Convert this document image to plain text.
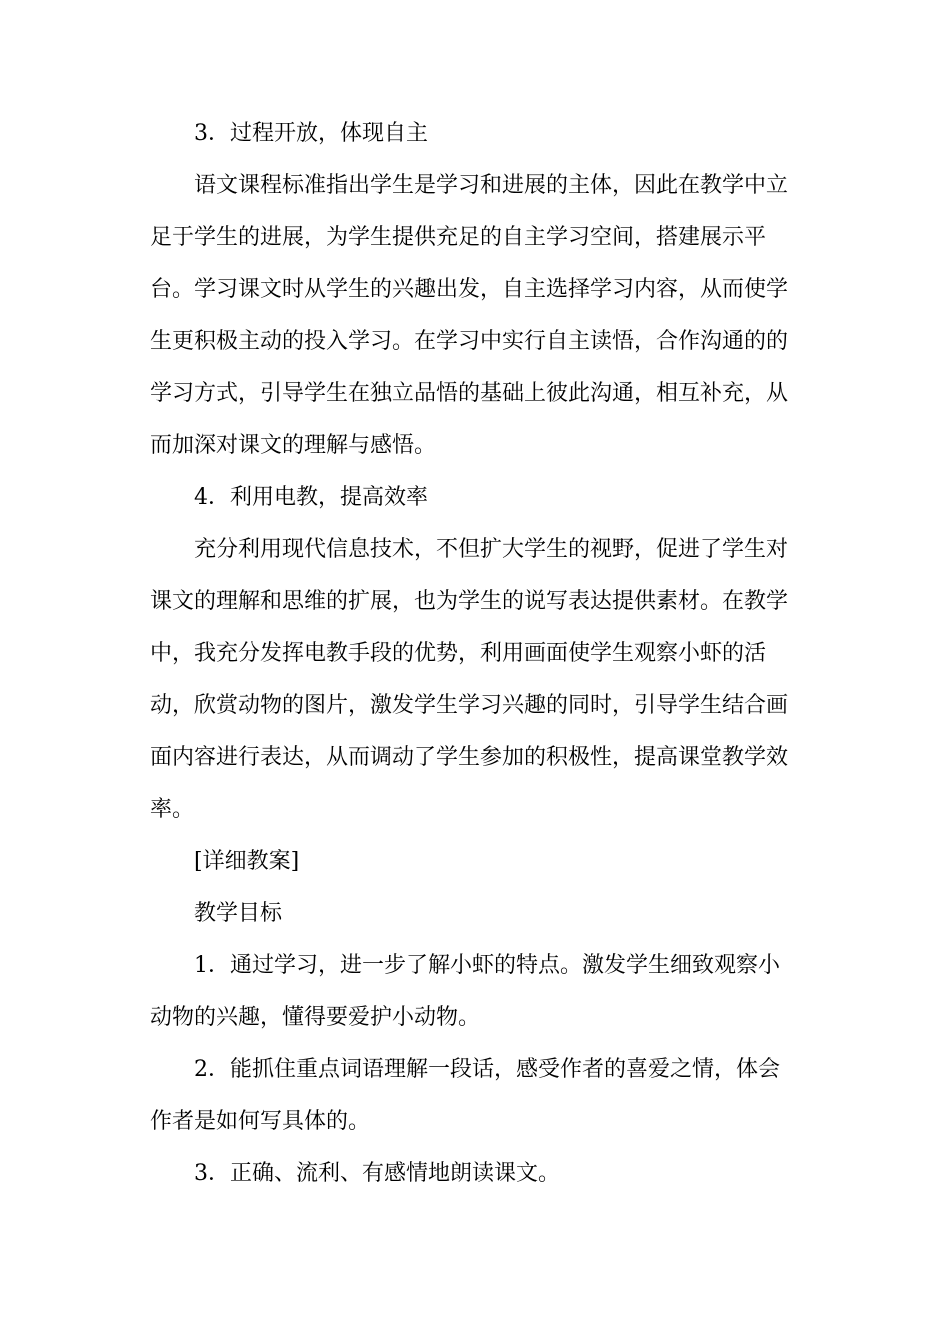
3．过程开放，体现自主
语文课程标准指出学生是学习和进展的主体，因此在教学中立
足于学生的进展，为学生提供充足的自主学习空间，搭建展示平
台。学习课文时从学生的兴趣出发，自主选择学习内容，从而使学
生更积极主动的投入学习。在学习中实行自主读悟，合作沟通的的
学习方式，引导学生在独立品悟的基础上彼此沟通，相互补充，从
而加深对课文的理解与感悟。
4．利用电教，提高效率
充分利用现代信息技术，不但扩大学生的视野，促进了学生对
课文的理解和思维的扩展，也为学生的说写表达提供素材。在教学
中，我充分发挥电教手段的优势，利用画面使学生观察小虾的活
动，欣赏动物的图片，激发学生学习兴趣的同时，引导学生结合画
面内容进行表达，从而调动了学生参加的积极性，提高课堂教学效
率。
[详细教案]
教学目标
1．通过学习，进一步了解小虾的特点。激发学生细致观察小
动物的兴趣，懂得要爱护小动物。
2．能抓住重点词语理解一段话，感受作者的喜爱之情，体会
作者是如何写具体的。
3．正确、流利、有感情地朗读课文。
